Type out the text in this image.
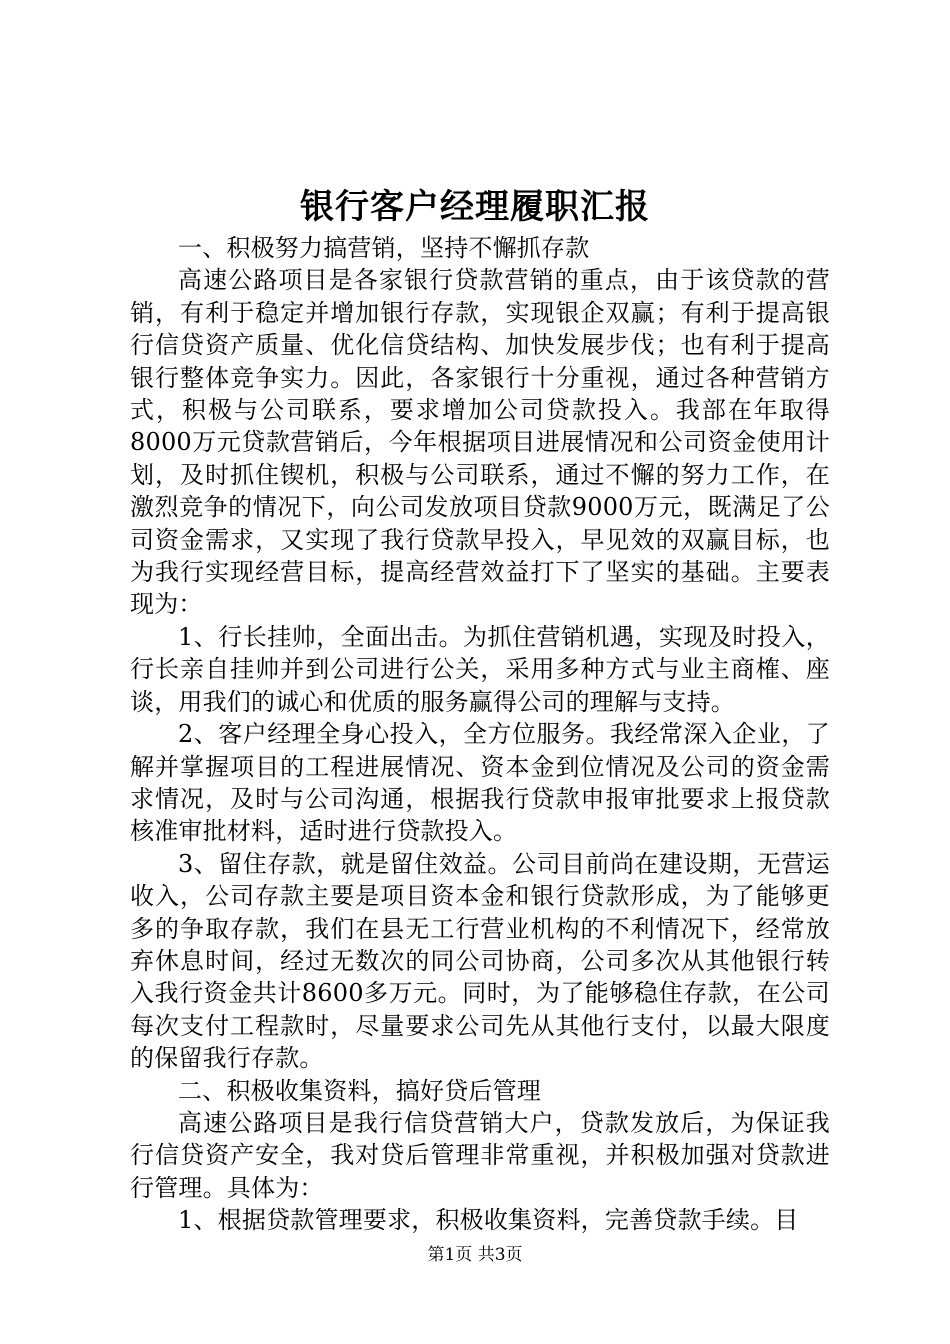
银行客户经理履职汇报

一、积极努力搞营销，坚持不懈抓存款

高速公路项目是各家银行贷款营销的重点，由于该贷款的营销，有利于稳定并增加银行存款，实现银企双赢；有利于提高银行信贷资产质量、优化信贷结构、加快发展步伐；也有利于提高银行整体竞争实力。因此，各家银行十分重视，通过各种营销方式，积极与公司联系，要求增加公司贷款投入。我部在年取得8000万元贷款营销后，今年根据项目进展情况和公司资金使用计划，及时抓住锲机，积极与公司联系，通过不懈的努力工作，在激烈竞争的情况下，向公司发放项目贷款9000万元，既满足了公司资金需求，又实现了我行贷款早投入，早见效的双赢目标，也为我行实现经营目标，提高经营效益打下了坚实的基础。主要表现为：

1、行长挂帅，全面出击。为抓住营销机遇，实现及时投入，行长亲自挂帅并到公司进行公关，采用多种方式与业主商榷、座谈，用我们的诚心和优质的服务赢得公司的理解与支持。

2、客户经理全身心投入，全方位服务。我经常深入企业，了解并掌握项目的工程进展情况、资本金到位情况及公司的资金需求情况，及时与公司沟通，根据我行贷款申报审批要求上报贷款核准审批材料，适时进行贷款投入。

3、留住存款，就是留住效益。公司目前尚在建设期，无营运收入，公司存款主要是项目资本金和银行贷款形成，为了能够更多的争取存款，我们在县无工行营业机构的不利情况下，经常放弃休息时间，经过无数次的同公司协商，公司多次从其他银行转入我行资金共计8600多万元。同时，为了能够稳住存款，在公司每次支付工程款时，尽量要求公司先从其他行支付，以最大限度的保留我行存款。

二、积极收集资料，搞好贷后管理

高速公路项目是我行信贷营销大户，贷款发放后，为保证我行信贷资产安全，我对贷后管理非常重视，并积极加强对贷款进行管理。具体为：

1、根据贷款管理要求，积极收集资料，完善贷款手续。目

第1页 共3页
